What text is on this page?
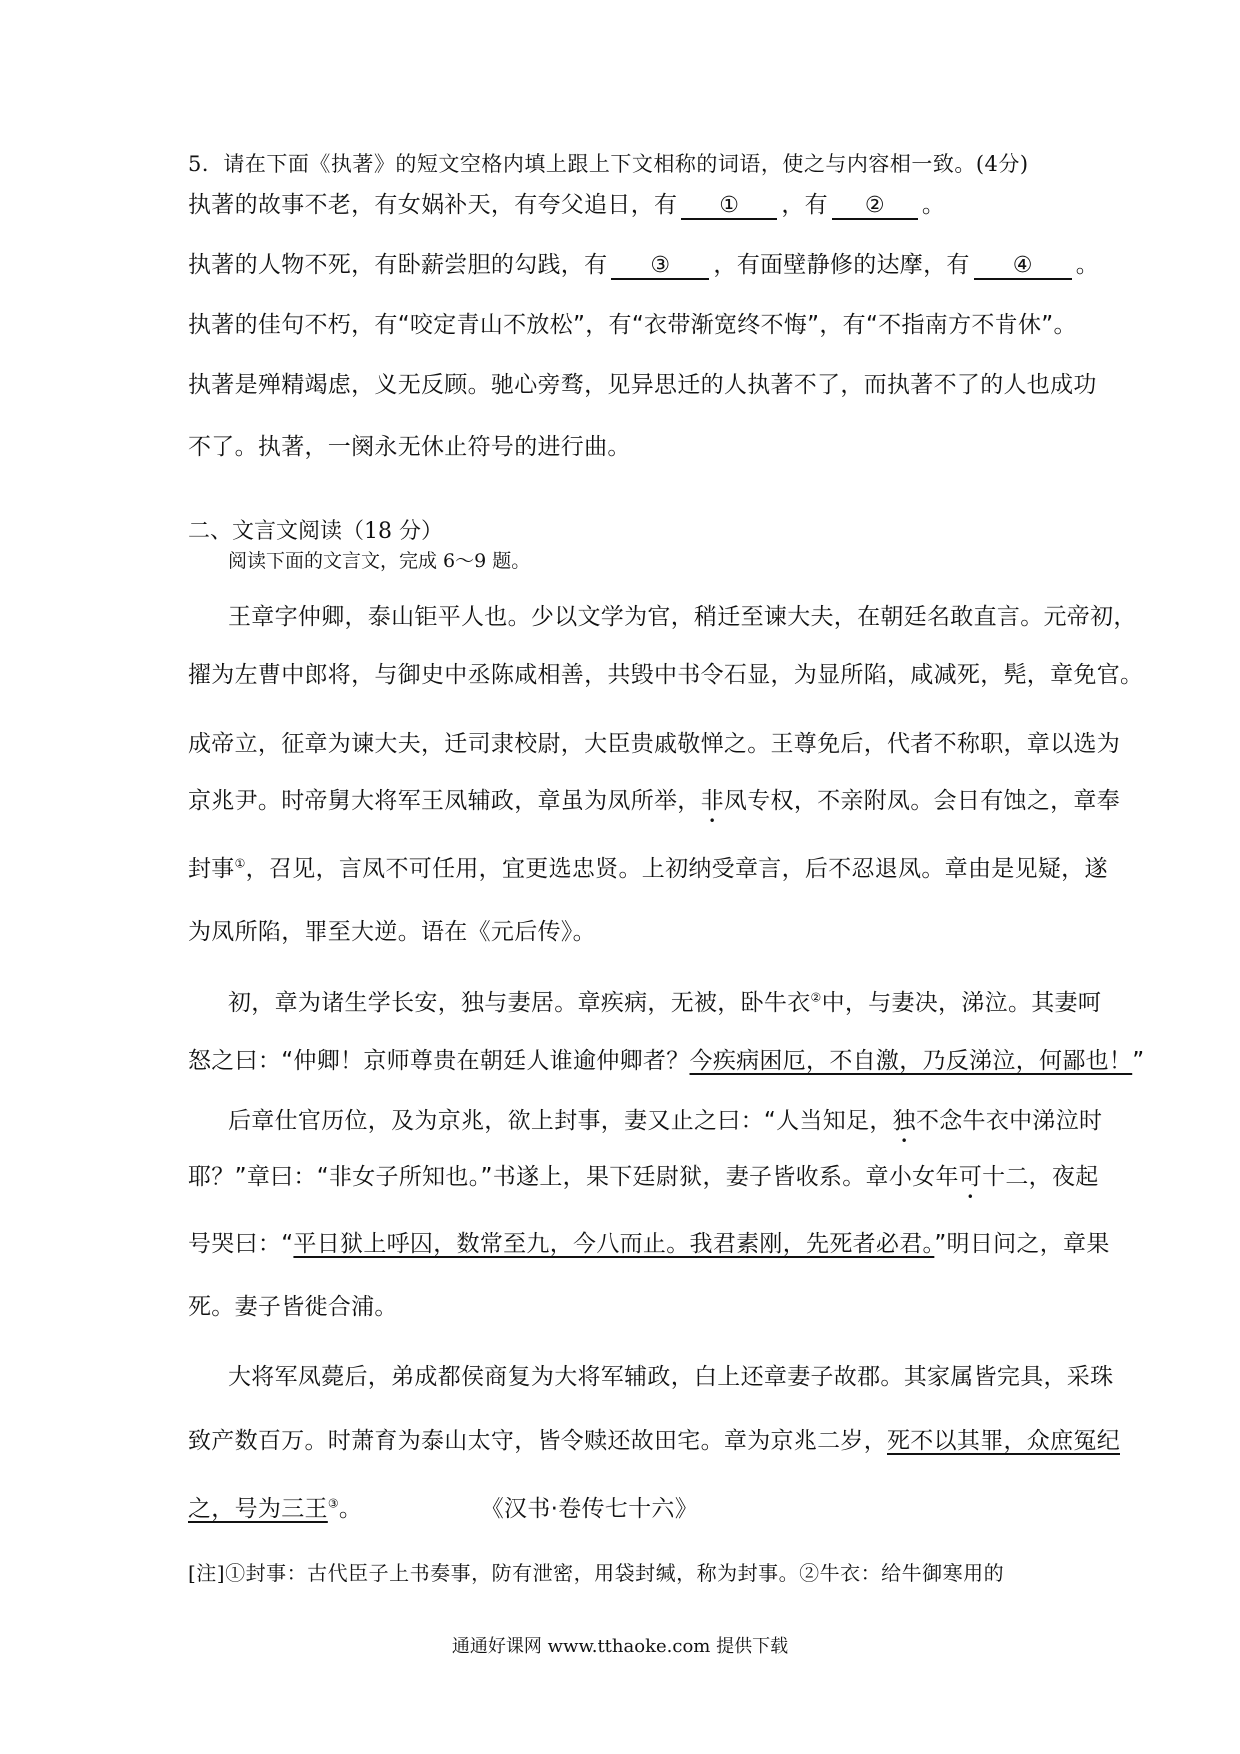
5．请在下面《执著》的短文空格内填上跟上下文相称的词语，使之与内容相一致。(4分)
执著的故事不老，有女娲补天，有夸父追日，有 ① ，有 ② 。
执著的人物不死，有卧薪尝胆的勾践，有 ③ ，有面壁静修的达摩，有 ④ 。
执著的佳句不朽，有“咬定青山不放松”，有“衣带渐宽终不悔”，有“不指南方不肯休”。
执著是殚精竭虑，义无反顾。驰心旁骛，见异思迁的人执著不了，而执著不了的人也成功
不了。执著，一阕永无休止符号的进行曲。
二、文言文阅读（18 分）
阅读下面的文言文，完成 6～9 题。
王章字仲卿，泰山钜平人也。少以文学为官，稍迁至谏大夫，在朝廷名敢直言。元帝初，
擢为左曹中郎将，与御史中丞陈咸相善，共毁中书令石显，为显所陷，咸减死，髡，章免官。
成帝立，征章为谏大夫，迁司隶校尉，大臣贵戚敬惮之。王尊免后，代者不称职，章以选为
京兆尹。时帝舅大将军王凤辅政，章虽为凤所举，非凤专权，不亲附凤。会日有蚀之，章奉
封事①，召见，言凤不可任用，宜更选忠贤。上初纳受章言，后不忍退凤。章由是见疑，遂
为凤所陷，罪至大逆。语在《元后传》。
初，章为诸生学长安，独与妻居。章疾病，无被，卧牛衣②中，与妻决，涕泣。其妻呵
怒之曰：“仲卿！京师尊贵在朝廷人谁逾仲卿者？今疾病困厄，不自激，乃反涕泣，何鄙也！”
后章仕官历位，及为京兆，欲上封事，妻又止之曰：“人当知足，独不念牛衣中涕泣时
耶？”章曰：“非女子所知也。”书遂上，果下廷尉狱，妻子皆收系。章小女年可十二，夜起
号哭曰：“平日狱上呼囚，数常至九，今八而止。我君素刚，先死者必君。”明日问之，章果
死。妻子皆徙合浦。
大将军凤薨后，弟成都侯商复为大将军辅政，白上还章妻子故郡。其家属皆完具，采珠
致产数百万。时萧育为泰山太守，皆令赎还故田宅。章为京兆二岁，死不以其罪，众庶冤纪
之，号为三王③。	《汉书·卷传七十六》
[注]①封事：古代臣子上书奏事，防有泄密，用袋封缄，称为封事。②牛衣：给牛御寒用的
通通好课网 www.tthaoke.com 提供下载
